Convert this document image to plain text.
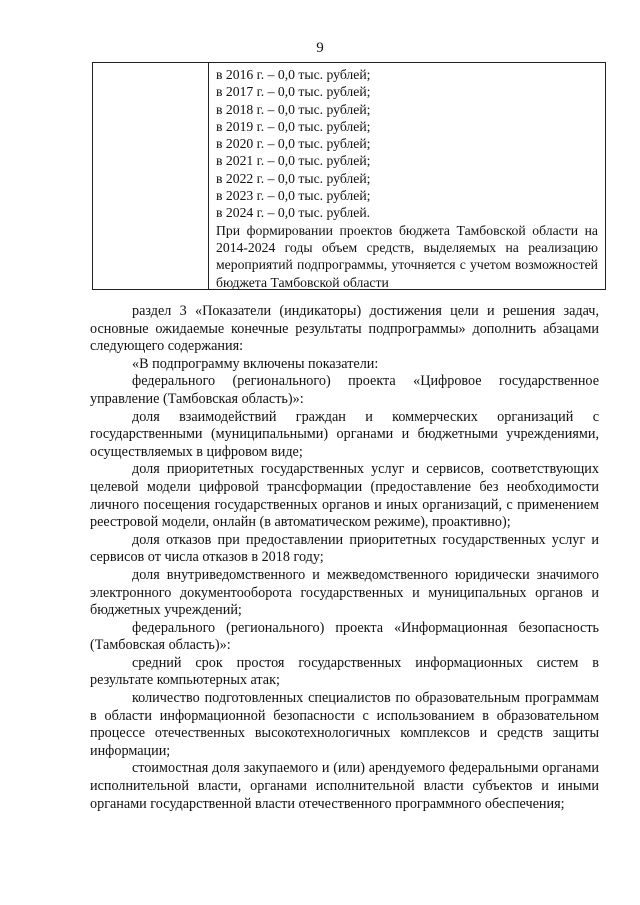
9
в 2016 г. – 0,0 тыс. рублей;
в 2017 г. – 0,0 тыс. рублей;
в 2018 г. – 0,0 тыс. рублей;
в 2019 г. – 0,0 тыс. рублей;
в 2020 г. – 0,0 тыс. рублей;
в 2021 г. – 0,0 тыс. рублей;
в 2022 г. – 0,0 тыс. рублей;
в 2023 г. – 0,0 тыс. рублей;
в 2024 г. – 0,0 тыс. рублей.
При формировании проектов бюджета Тамбовской области на 2014-2024 годы объем средств, выделяемых на реализацию мероприятий подпрограммы, уточняется с учетом возможностей бюджета Тамбовской области

раздел 3 «Показатели (индикаторы) достижения цели и решения задач, основные ожидаемые конечные результаты подпрограммы» дополнить абзацами следующего содержания:

«В подпрограмму включены показатели:

федерального (регионального) проекта «Цифровое государственное управление (Тамбовская область)»:

доля взаимодействий граждан и коммерческих организаций с государственными (муниципальными) органами и бюджетными учреждениями, осуществляемых в цифровом виде;

доля приоритетных государственных услуг и сервисов, соответствующих целевой модели цифровой трансформации (предоставление без необходимости личного посещения государственных органов и иных организаций, с применением реестровой модели, онлайн (в автоматическом режиме), проактивно);

доля отказов при предоставлении приоритетных государственных услуг и сервисов от числа отказов в 2018 году;

доля внутриведомственного и межведомственного юридически значимого электронного документооборота государственных и муниципальных органов и бюджетных учреждений;

федерального (регионального) проекта «Информационная безопасность (Тамбовская область)»:

средний срок простоя государственных информационных систем в результате компьютерных атак;

количество подготовленных специалистов по образовательным программам в области информационной безопасности с использованием в образовательном процессе отечественных высокотехнологичных комплексов и средств защиты информации;

стоимостная доля закупаемого и (или) арендуемого федеральными органами исполнительной власти, органами исполнительной власти субъектов и иными органами государственной власти отечественного программного обеспечения;
